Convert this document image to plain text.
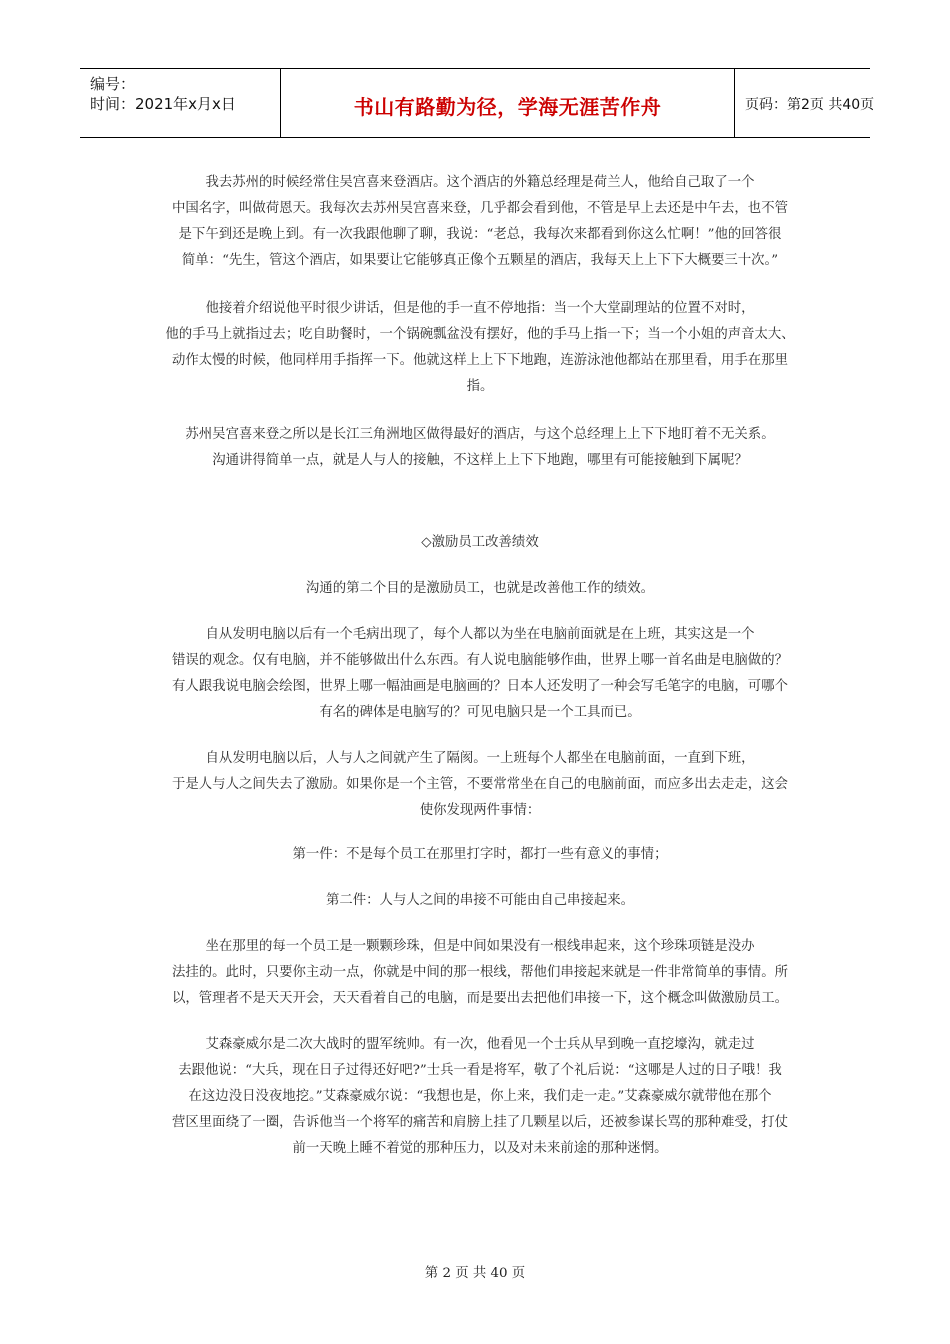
编号：
时间：2021年x月x日	书山有路勤为径，学海无涯苦作舟	页码：第2页 共40页

我去苏州的时候经常住吴宫喜来登酒店。这个酒店的外籍总经理是荷兰人，他给自己取了一个

中国名字，叫做荷恩天。我每次去苏州吴宫喜来登，几乎都会看到他，不管是早上去还是中午去，也不管

是下午到还是晚上到。有一次我跟他聊了聊，我说：“老总，我每次来都看到你这么忙啊！”他的回答很

简单：“先生，管这个酒店，如果要让它能够真正像个五颗星的酒店，我每天上上下下大概要三十次。”

他接着介绍说他平时很少讲话，但是他的手一直不停地指：当一个大堂副理站的位置不对时，

他的手马上就指过去；吃自助餐时，一个锅碗瓢盆没有摆好，他的手马上指一下；当一个小姐的声音太大、

动作太慢的时候，他同样用手指挥一下。他就这样上上下下地跑，连游泳池他都站在那里看，用手在那里

指。

苏州吴宫喜来登之所以是长江三角洲地区做得最好的酒店，与这个总经理上上下下地盯着不无关系。

沟通讲得简单一点，就是人与人的接触，不这样上上下下地跑，哪里有可能接触到下属呢？

◇激励员工改善绩效

沟通的第二个目的是激励员工，也就是改善他工作的绩效。

自从发明电脑以后有一个毛病出现了，每个人都以为坐在电脑前面就是在上班，其实这是一个

错误的观念。仅有电脑，并不能够做出什么东西。有人说电脑能够作曲，世界上哪一首名曲是电脑做的？

有人跟我说电脑会绘图，世界上哪一幅油画是电脑画的？日本人还发明了一种会写毛笔字的电脑，可哪个

有名的碑体是电脑写的？可见电脑只是一个工具而已。

自从发明电脑以后，人与人之间就产生了隔阂。一上班每个人都坐在电脑前面，一直到下班，

于是人与人之间失去了激励。如果你是一个主管，不要常常坐在自己的电脑前面，而应多出去走走，这会

使你发现两件事情：

第一件：不是每个员工在那里打字时，都打一些有意义的事情；

第二件：人与人之间的串接不可能由自己串接起来。

坐在那里的每一个员工是一颗颗珍珠，但是中间如果没有一根线串起来，这个珍珠项链是没办

法挂的。此时，只要你主动一点，你就是中间的那一根线，帮他们串接起来就是一件非常简单的事情。所

以，管理者不是天天开会，天天看着自己的电脑，而是要出去把他们串接一下，这个概念叫做激励员工。

艾森豪威尔是二次大战时的盟军统帅。有一次，他看见一个士兵从早到晚一直挖壕沟，就走过

去跟他说：“大兵，现在日子过得还好吧?”士兵一看是将军，敬了个礼后说：“这哪是人过的日子哦！我

在这边没日没夜地挖。”艾森豪威尔说：“我想也是，你上来，我们走一走。”艾森豪威尔就带他在那个

营区里面绕了一圈，告诉他当一个将军的痛苦和肩膀上挂了几颗星以后，还被参谋长骂的那种难受，打仗

前一天晚上睡不着觉的那种压力，以及对未来前途的那种迷惘。

第 2 页 共 40 页
